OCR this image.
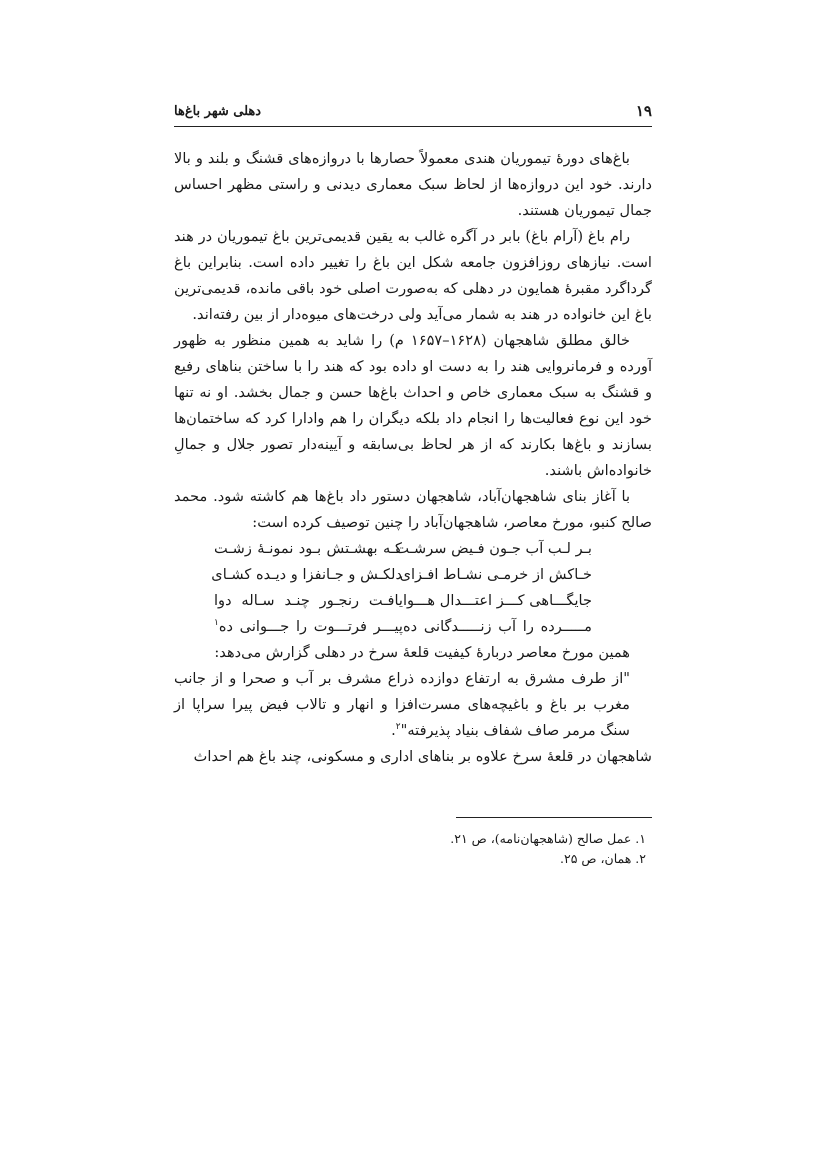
۱۹
دهلی شهر باغ‌ها

باغ‌های دورهٔ تیموریان هندی معمولاً حصارها با دروازه‌های قشنگ و بلند و بالا دارند. خود این دروازه‌ها از لحاظ سبک معماری دیدنی و راستی مظهر احساس جمال تیموریان هستند.

رام باغ (آرام باغ) بابر در آگره غالب به یقین قدیمی‌ترین باغ تیموریان در هند است. نیازهای روزافزون جامعه شکل این باغ را تغییر داده است. بنابراین باغ گرداگرد مقبرهٔ همایون در دهلی که به‌صورت اصلی خود باقی مانده، قدیمی‌ترین باغ این خانواده در هند به شمار می‌آید ولی درخت‌های میوه‌دار از بین رفته‌اند.

خالق مطلق شاهجهان (۱۶۲۸–۱۶۵۷ م) را شاید به همین منظور به ظهور آورده و فرمانروایی هند را به دست او داده بود که هند را با ساختن بناهای رفیع و قشنگ به سبک معماری خاص و احداث باغ‌ها حسن و جمال بخشد. او نه تنها خود این نوع فعالیت‌ها را انجام داد بلکه دیگران را هم وادارا کرد که ساختمان‌ها بسازند و باغ‌ها بکارند که از هر لحاظ بی‌سابقه و آیینه‌دار تصور جلال و جمالِ خانواده‌اش باشند.

با آغاز بنای شاهجهان‌آباد، شاهجهان دستور داد باغ‌ها هم کاشته شود. محمد صالح کنبو، مورخ معاصر، شاهجهان‌آباد را چنین توصیف کرده است:

بـر لـب آب جـون فـیض سرشـت
کـه بهشـتش بـود نمونـهٔ زشـت
خـاکش از خرمـی نشـاط افـزای
دلکـش و جـانفزا و دیـده کشـای
جایگـــاهی کـــز اعتـــدال هـــوا
یافـت رنجـور چنـد سـاله دوا
مـــــرده را آب زنـــــدگانی ده
پیـــر فرتـــوت را جـــوانی ده$^۱$

همین مورخ معاصر دربارهٔ کیفیت قلعهٔ سرخ در دهلی گزارش می‌دهد:

"از طرف مشرق به ارتفاع دوازده ذراع مشرف بر آب و صحرا و از جانب مغرب بر باغ و باغیچه‌های مسرت‌افزا و انهار و تالاب فیض پیرا سراپا از سنگ مرمر صاف شفاف بنیاد پذیرفته"$^۲$.

شاهجهان در قلعهٔ سرخ علاوه بر بناهای اداری و مسکونی، چند باغ هم احداث

۱. عمل صالح (شاهجهان‌نامه)، ص ۲۱.

۲. همان، ص ۲۵.
